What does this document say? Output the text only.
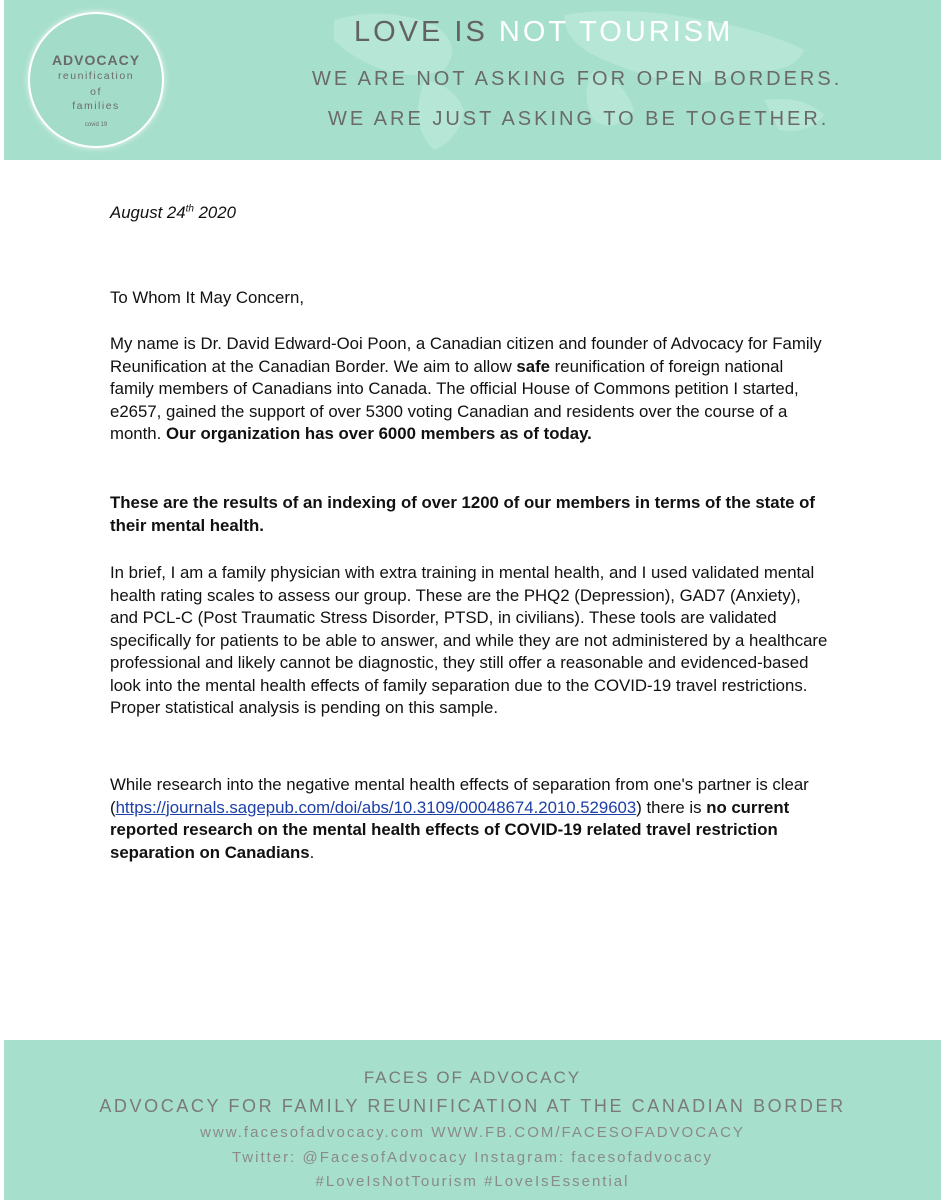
ADVOCACY
reunification
of
families
covid 19
LOVE IS NOT TOURISM
WE ARE NOT ASKING FOR OPEN BORDERS.
WE ARE JUST ASKING TO BE TOGETHER.
August 24th 2020

To Whom It May Concern,

My name is Dr. David Edward-Ooi Poon, a Canadian citizen and founder of Advocacy for Family Reunification at the Canadian Border. We aim to allow safe reunification of foreign national family members of Canadians into Canada. The official House of Commons petition I started, e2657, gained the support of over 5300 voting Canadian and residents over the course of a month. Our organization has over 6000 members as of today.

These are the results of an indexing of over 1200 of our members in terms of the state of their mental health.

In brief, I am a family physician with extra training in mental health, and I used validated mental health rating scales to assess our group. These are the PHQ2 (Depression), GAD7 (Anxiety), and PCL-C (Post Traumatic Stress Disorder, PTSD, in civilians). These tools are validated specifically for patients to be able to answer, and while they are not administered by a healthcare professional and likely cannot be diagnostic, they still offer a reasonable and evidenced-based look into the mental health effects of family separation due to the COVID-19 travel restrictions. Proper statistical analysis is pending on this sample.

While research into the negative mental health effects of separation from one's partner is clear (https://journals.sagepub.com/doi/abs/10.3109/00048674.2010.529603) there is no current reported research on the mental health effects of COVID-19 related travel restriction separation on Canadians.

FACES OF ADVOCACY
ADVOCACY FOR FAMILY REUNIFICATION AT THE CANADIAN BORDER
www.facesofadvocacy.com WWW.FB.COM/FACESOFADVOCACY
Twitter: @FacesofAdvocacy Instagram: facesofadvocacy
#LoveIsNotTourism #LoveIsEssential
